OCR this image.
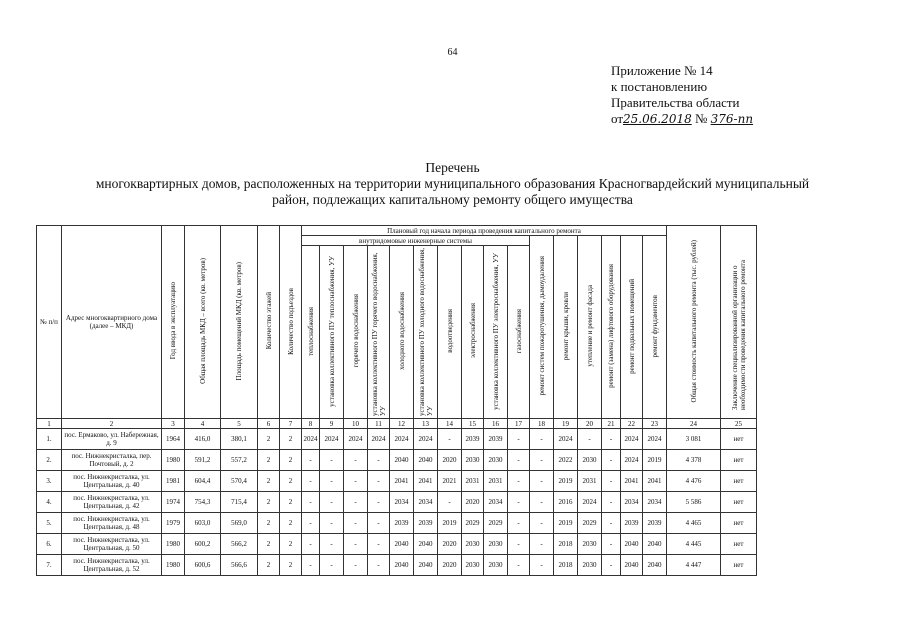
64
Приложение № 14
к постановлению
Правительства области
от25.06.2018 № 376-пп
Перечень
многоквартирных домов, расположенных на территории муниципального образования Красногвардейский муниципальный
район, подлежащих капитальному ремонту общего имущества
№ п/п	Адрес многоквартирного дома (далее – МКД)	Год ввода в эксплуатацию	Общая площадь МКД – всего (кв. метров)	Площадь помещений МКД (кв. метров)	Количество этажей	Количество подъездов	Плановый год начала периода проведения капитального ремонта																Общая стоимость капитального ремонта (тыс. рублей)	Заключение специализированной организации о необходимости проведения капитального ремонта
							внутридомовые инженерные системы										ремонт систем пожаротушения, дымоудаления	ремонт крыши, кровли	утепление и ремонт фасада	ремонт (замена) лифтового оборудования	ремонт подвальных помещений	ремонт фундаментов		
							теплоснабжения	установка коллективного ПУ теплоснабжения, УУ	горячего водоснабжения	установка коллективного ПУ горячего водоснабжения, УУ	холодного водоснабжения	установка коллективного ПУ холодного водоснабжения, УУ	водоотведения	электроснабжения	установка коллективного ПУ электроснабжения, УУ	газоснабжения								
1	2	3	4	5	6	7	8	9	10	11	12	13	14	15	16	17	18	19	20	21	22	23	24	25
1.	пос. Ермаково, ул. Набережная, д. 9	1964	416,0	380,1	2	2	2024	2024	2024	2024	2024	2024	-	2039	2039	-	-	2024	-	-	2024	2024	3 081	нет
2.	пос. Нижнекристалка, пер. Почтовый, д. 2	1980	591,2	557,2	2	2	-	-	-	-	2040	2040	2020	2030	2030	-	-	2022	2030	-	2024	2019	4 378	нет
3.	пос. Нижнекристалка, ул. Центральная, д. 40	1981	604,4	570,4	2	2	-	-	-	-	2041	2041	2021	2031	2031	-	-	2019	2031	-	2041	2041	4 476	нет
4.	пос. Нижнекристалка, ул. Центральная, д. 42	1974	754,3	715,4	2	2	-	-	-	-	2034	2034	-	2020	2034	-	-	2016	2024	-	2034	2034	5 586	нет
5.	пос. Нижнекристалка, ул. Центральная, д. 48	1979	603,0	569,0	2	2	-	-	-	-	2039	2039	2019	2029	2029	-	-	2019	2029	-	2039	2039	4 465	нет
6.	пос. Нижнекристалка, ул. Центральная, д. 50	1980	600,2	566,2	2	2	-	-	-	-	2040	2040	2020	2030	2030	-	-	2018	2030	-	2040	2040	4 445	нет
7.	пос. Нижнекристалка, ул. Центральная, д. 52	1980	600,6	566,6	2	2	-	-	-	-	2040	2040	2020	2030	2030	-	-	2018	2030	-	2040	2040	4 447	нет
